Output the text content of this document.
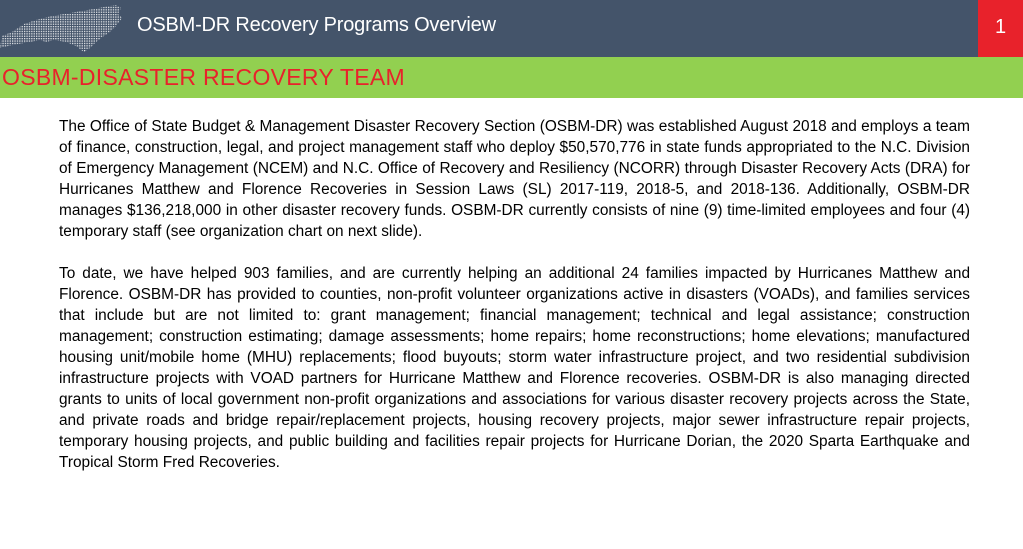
OSBM-DR Recovery Programs Overview	1
OSBM-DISASTER RECOVERY TEAM

The Office of State Budget & Management Disaster Recovery Section (OSBM-DR) was established August 2018 and employs a team of finance, construction, legal, and project management staff who deploy $50,570,776 in state funds appropriated to the N.C. Division of Emergency Management (NCEM) and N.C. Office of Recovery and Resiliency (NCORR) through Disaster Recovery Acts (DRA) for Hurricanes Matthew and Florence Recoveries in Session Laws (SL) 2017-119, 2018-5, and 2018-136. Additionally, OSBM-DR manages $136,218,000 in other disaster recovery funds. OSBM-DR currently consists of nine (9) time-limited employees and four (4) temporary staff (see organization chart on next slide).

To date, we have helped 903 families, and are currently helping an additional 24 families impacted by Hurricanes Matthew and Florence. OSBM-DR has provided to counties, non-profit volunteer organizations active in disasters (VOADs), and families services that include but are not limited to: grant management; financial management; technical and legal assistance; construction management; construction estimating; damage assessments; home repairs; home reconstructions; home elevations; manufactured housing unit/mobile home (MHU) replacements; flood buyouts; storm water infrastructure project, and two residential subdivision infrastructure projects with VOAD partners for Hurricane Matthew and Florence recoveries. OSBM-DR is also managing directed grants to units of local government non-profit organizations and associations for various disaster recovery projects across the State, and private roads and bridge repair/replacement projects, housing recovery projects, major sewer infrastructure repair projects, temporary housing projects, and public building and facilities repair projects for Hurricane Dorian, the 2020 Sparta Earthquake and Tropical Storm Fred Recoveries.
